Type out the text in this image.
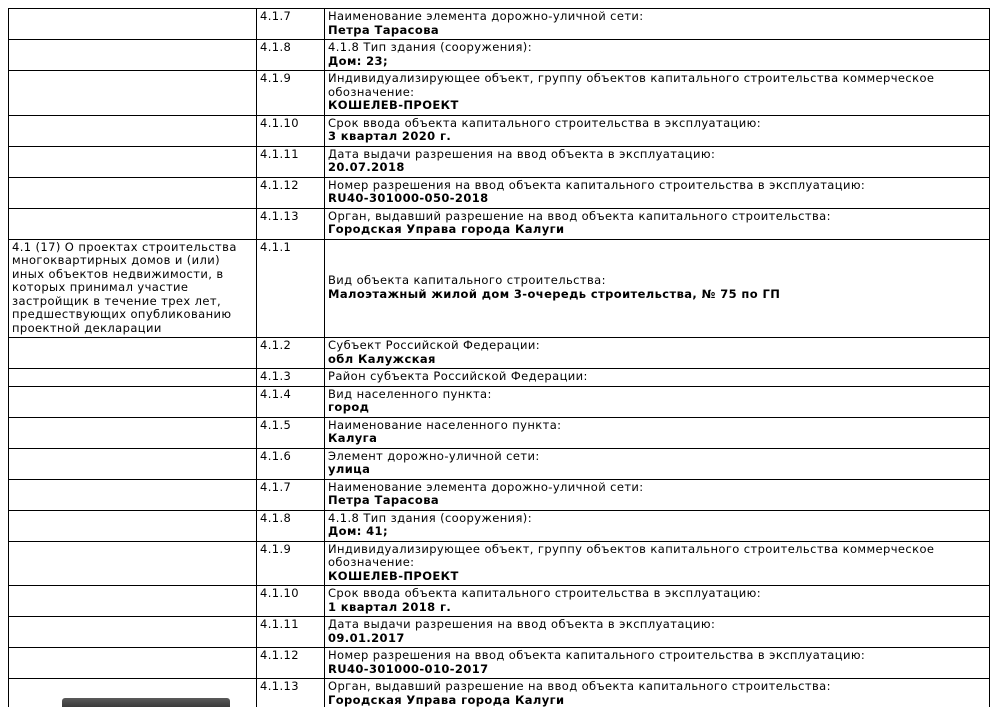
	4.1.7	Наименование элемента дорожно-уличной сети:
Петра Тарасова

	4.1.8	4.1.8 Тип здания (сооружения):
Дом: 23;

	4.1.9	Индивидуализирующее объект, группу объектов капитального строительства коммерческое обозначение:
КОШЕЛЕВ-ПРОЕКТ

	4.1.10	Срок ввода объекта капитального строительства в эксплуатацию:
3 квартал 2020 г.

	4.1.11	Дата выдачи разрешения на ввод объекта в эксплуатацию:
20.07.2018

	4.1.12	Номер разрешения на ввод объекта капитального строительства в эксплуатацию:
RU40-301000-050-2018

	4.1.13	Орган, выдавший разрешение на ввод объекта капитального строительства:
Городская Управа города Калуги

4.1 (17) О проектах строительства многоквартирных домов и (или) иных объектов недвижимости, в которых принимал участие застройщик в течение трех лет, предшествующих опубликованию проектной декларации	4.1.1	Вид объекта капитального строительства:
Малоэтажный жилой дом 3-очередь строительства, № 75 по ГП

	4.1.2	Субъект Российской Федерации:
обл Калужская

	4.1.3	Район субъекта Российской Федерации:

	4.1.4	Вид населенного пункта:
город

	4.1.5	Наименование населенного пункта:
Калуга

	4.1.6	Элемент дорожно-уличной сети:
улица

	4.1.7	Наименование элемента дорожно-уличной сети:
Петра Тарасова

	4.1.8	4.1.8 Тип здания (сооружения):
Дом: 41;

	4.1.9	Индивидуализирующее объект, группу объектов капитального строительства коммерческое обозначение:
КОШЕЛЕВ-ПРОЕКТ

	4.1.10	Срок ввода объекта капитального строительства в эксплуатацию:
1 квартал 2018 г.

	4.1.11	Дата выдачи разрешения на ввод объекта в эксплуатацию:
09.01.2017

	4.1.12	Номер разрешения на ввод объекта капитального строительства в эксплуатацию:
RU40-301000-010-2017

	4.1.13	Орган, выдавший разрешение на ввод объекта капитального строительства:
Городская Управа города Калуги
